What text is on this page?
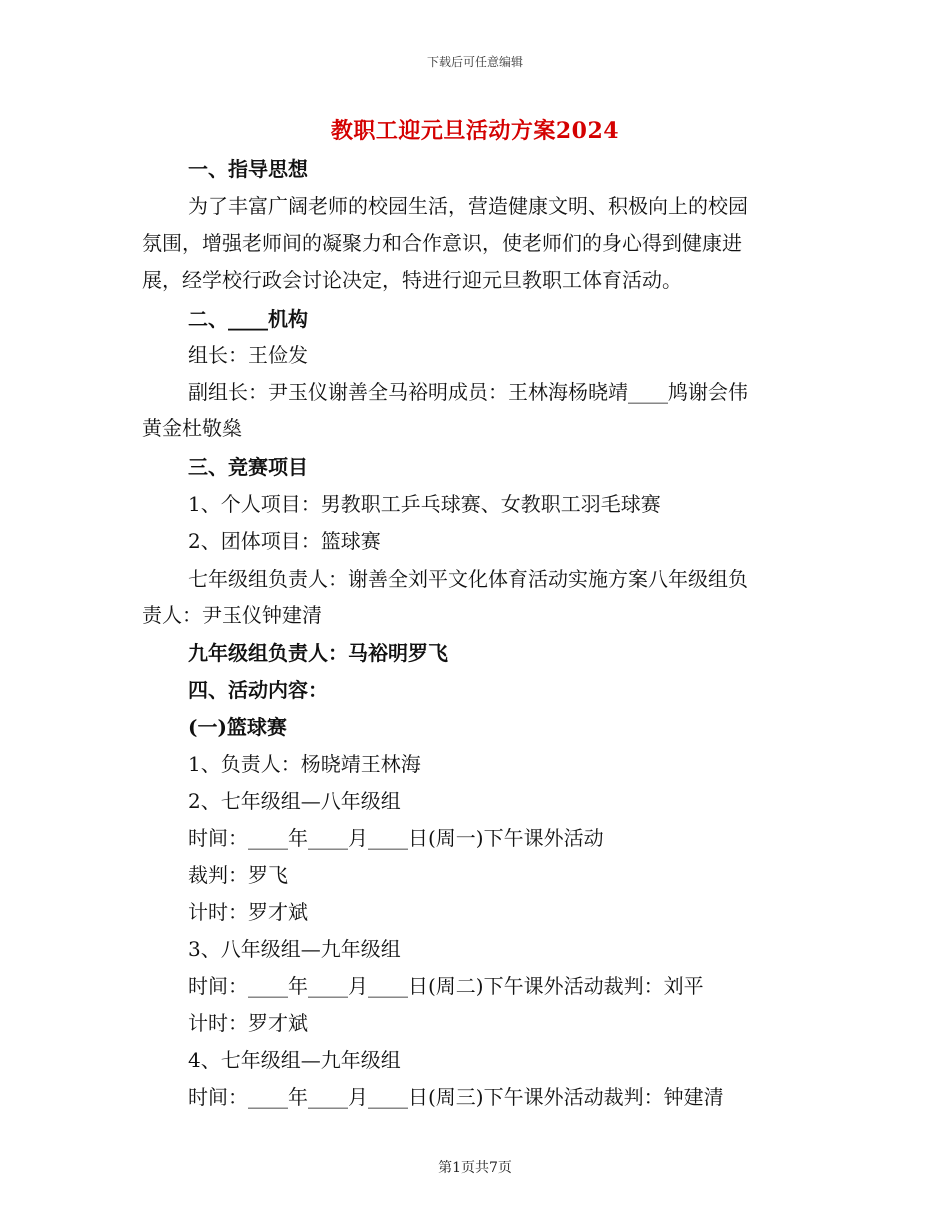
下载后可任意编辑
教职工迎元旦活动方案2024
一、指导思想
为了丰富广阔老师的校园生活，营造健康文明、积极向上的校园
氛围，增强老师间的凝聚力和合作意识，使老师们的身心得到健康进
展，经学校行政会讨论决定，特进行迎元旦教职工体育活动。
二、____机构
组长：王俭发
副组长：尹玉仪谢善全马裕明成员：王林海杨晓靖____鸠谢会伟
黄金杜敬燊
三、竞赛项目
1、个人项目：男教职工乒乓球赛、女教职工羽毛球赛
2、团体项目：篮球赛
七年级组负责人：谢善全刘平文化体育活动实施方案八年级组负
责人：尹玉仪钟建清
九年级组负责人：马裕明罗飞
四、活动内容：
(一)篮球赛
1、负责人：杨晓靖王林海
2、七年级组—八年级组
时间：____年____月____日(周一)下午课外活动
裁判：罗飞
计时：罗才斌
3、八年级组—九年级组
时间：____年____月____日(周二)下午课外活动裁判：刘平
计时：罗才斌
4、七年级组—九年级组
时间：____年____月____日(周三)下午课外活动裁判：钟建清
第1页共7页
